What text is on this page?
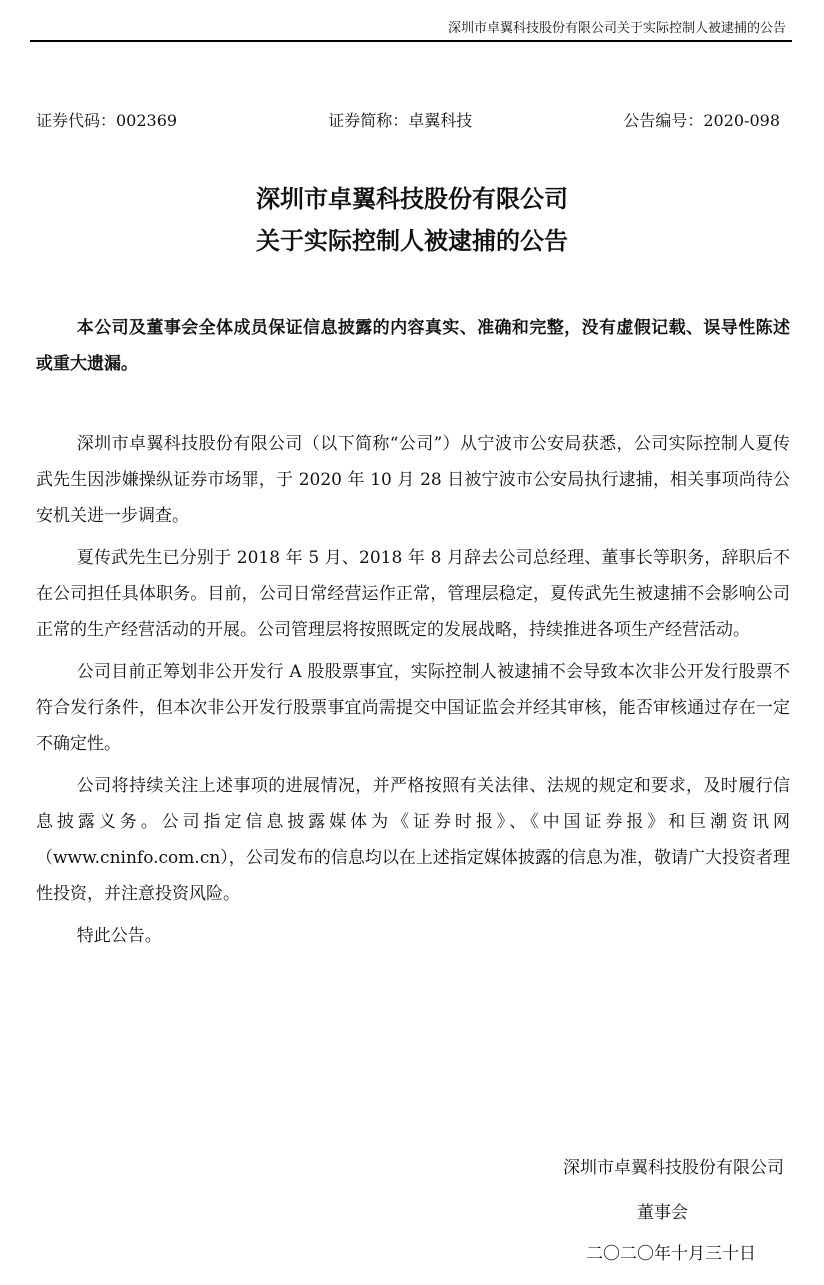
深圳市卓翼科技股份有限公司关于实际控制人被逮捕的公告
证券代码：002369	证券简称：卓翼科技	公告编号：2020-098
深圳市卓翼科技股份有限公司
关于实际控制人被逮捕的公告
本公司及董事会全体成员保证信息披露的内容真实、准确和完整，没有虚假记载、误导性陈述或重大遗漏。

深圳市卓翼科技股份有限公司（以下简称“公司”）从宁波市公安局获悉，公司实际控制人夏传武先生因涉嫌操纵证券市场罪，于 2020 年 10 月 28 日被宁波市公安局执行逮捕，相关事项尚待公安机关进一步调查。

夏传武先生已分别于 2018 年 5 月、2018 年 8 月辞去公司总经理、董事长等职务，辞职后不在公司担任具体职务。目前，公司日常经营运作正常，管理层稳定，夏传武先生被逮捕不会影响公司正常的生产经营活动的开展。公司管理层将按照既定的发展战略，持续推进各项生产经营活动。

公司目前正筹划非公开发行 A 股股票事宜，实际控制人被逮捕不会导致本次非公开发行股票不符合发行条件，但本次非公开发行股票事宜尚需提交中国证监会并经其审核，能否审核通过存在一定不确定性。

公司将持续关注上述事项的进展情况，并严格按照有关法律、法规的规定和要求，及时履行信息披露义务。公司指定信息披露媒体为《证券时报》、《中国证券报》和巨潮资讯网（www.cninfo.com.cn），公司发布的信息均以在上述指定媒体披露的信息为准，敬请广大投资者理性投资，并注意投资风险。

特此公告。

深圳市卓翼科技股份有限公司
董事会
二〇二〇年十月三十日
